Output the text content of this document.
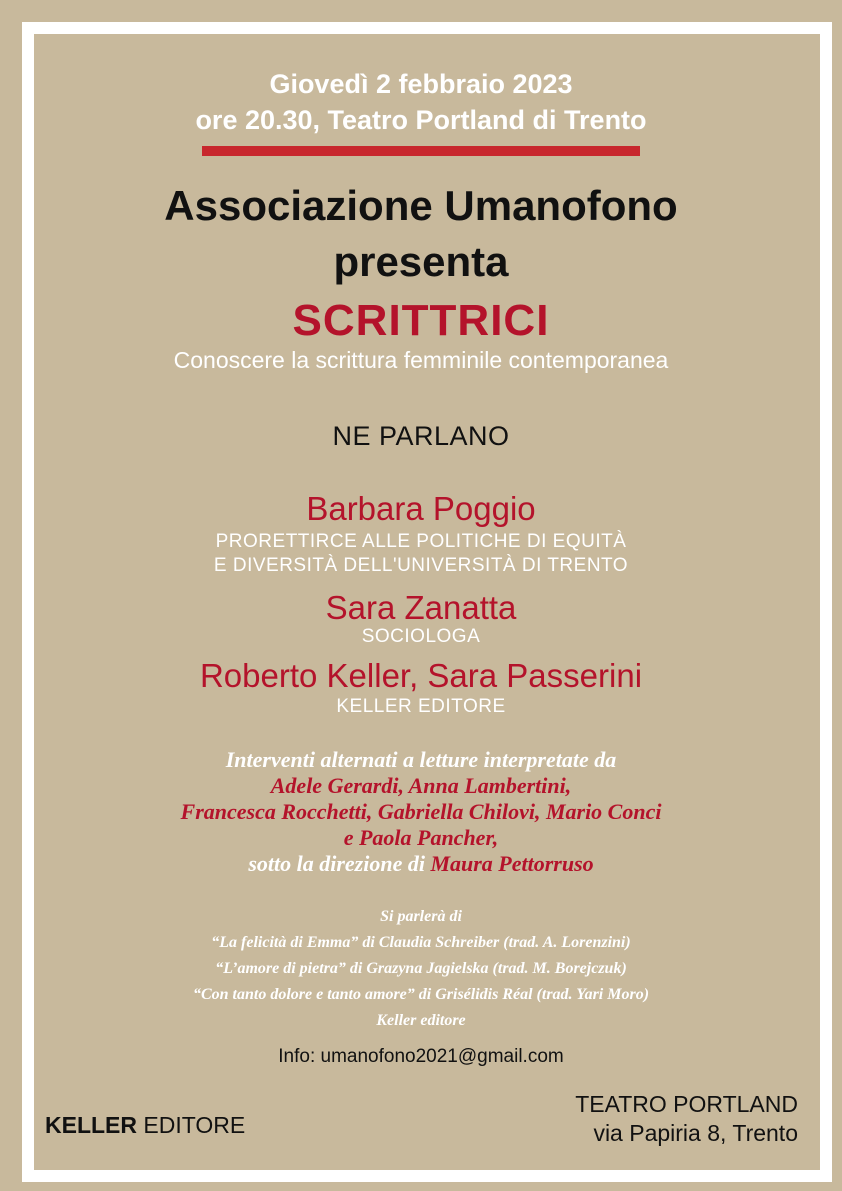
Giovedì 2 febbraio 2023
ore 20.30, Teatro Portland di Trento
Associazione Umanofono
presenta
SCRITTRICI
Conoscere la scrittura femminile contemporanea
NE PARLANO
Barbara Poggio
PRORETTIRCE ALLE POLITICHE DI EQUITÀ
E DIVERSITÀ DELL'UNIVERSITÀ DI TRENTO
Sara Zanatta
SOCIOLOGA
Roberto Keller, Sara Passerini
KELLER EDITORE
Interventi alternati a letture interpretate da
Adele Gerardi, Anna Lambertini,
Francesca Rocchetti, Gabriella Chilovi, Mario Conci
e Paola Pancher,
sotto la direzione di Maura Pettorruso
Si parlerà di
“La felicità di Emma” di Claudia Schreiber (trad. A. Lorenzini)
“L’amore di pietra” di Grazyna Jagielska (trad. M. Borejczuk)
“Con tanto dolore e tanto amore” di Grisélidis Réal (trad. Yari Moro)
Keller editore
Info: umanofono2021@gmail.com
KELLER EDITORE
TEATRO PORTLAND
via Papiria 8, Trento
